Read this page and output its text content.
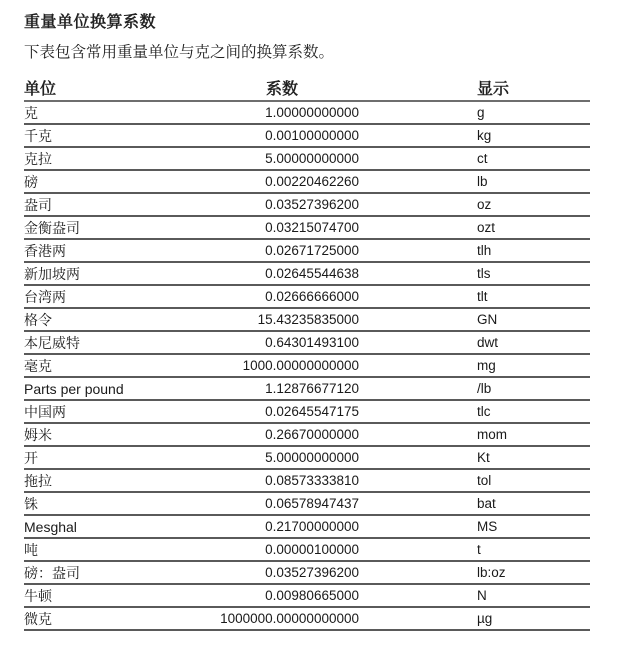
重量单位换算系数
下表包含常用重量单位与克之间的换算系数。
单位	系数	显示
克	1.00000000000	g
千克	0.00100000000	kg
克拉	5.00000000000	ct
磅	0.00220462260	lb
盎司	0.03527396200	oz
金衡盎司	0.03215074700	ozt
香港两	0.02671725000	tlh
新加坡两	0.02645544638	tls
台湾两	0.02666666000	tlt
格令	15.43235835000	GN
本尼威特	0.64301493100	dwt
毫克	1000.00000000000	mg
Parts per pound	1.12876677120	/lb
中国两	0.02645547175	tlc
姆米	0.26670000000	mom
开	5.00000000000	Kt
拖拉	0.08573333810	tol
铢	0.06578947437	bat
Mesghal	0.21700000000	MS
吨	0.00000100000	t
磅：盎司	0.03527396200	lb:oz
牛顿	0.00980665000	N
微克	1000000.00000000000	µg
